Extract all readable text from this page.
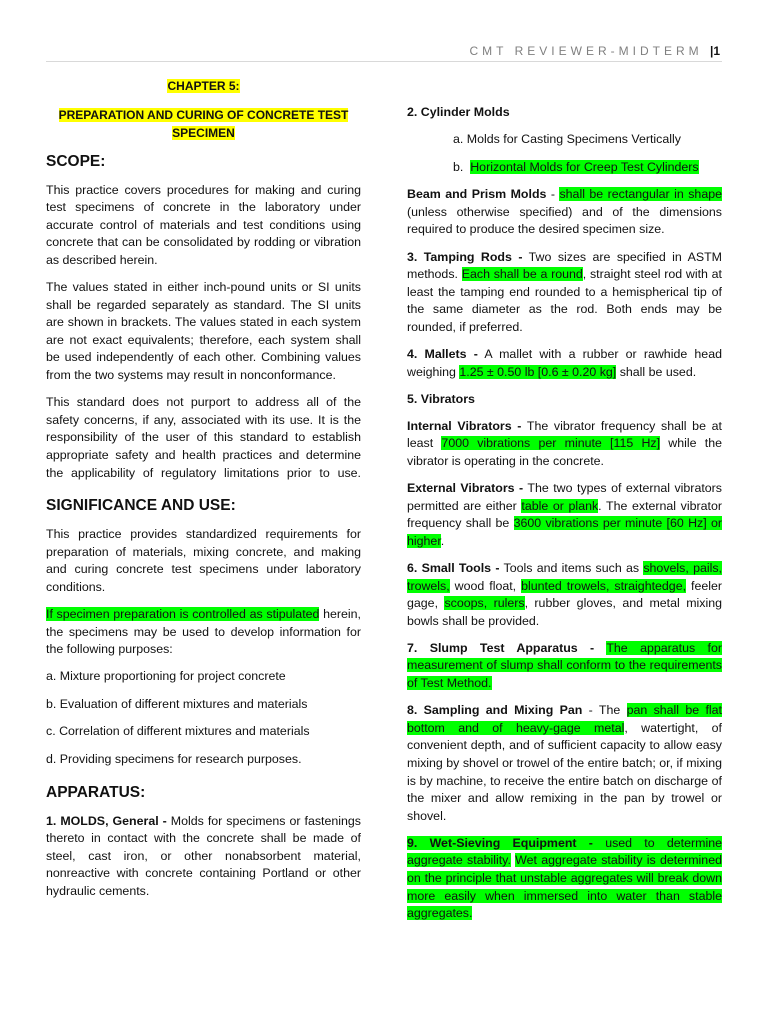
CMT REVIEWER-MIDTERM |1
CHAPTER 5:
PREPARATION AND CURING OF CONCRETE TEST SPECIMEN
SCOPE:

This practice covers procedures for making and curing test specimens of concrete in the laboratory under accurate control of materials and test conditions using concrete that can be consolidated by rodding or vibration as described herein.

The values stated in either inch-pound units or SI units shall be regarded separately as standard. The SI units are shown in brackets. The values stated in each system are not exact equivalents; therefore, each system shall be used independently of each other. Combining values from the two systems may result in nonconformance.

This standard does not purport to address all of the safety concerns, if any, associated with its use. It is the responsibility of the user of this standard to establish appropriate safety and health practices and determine the applicability of regulatory limitations prior to use.

SIGNIFICANCE AND USE:

This practice provides standardized requirements for preparation of materials, mixing concrete, and making and curing concrete test specimens under laboratory conditions.

If specimen preparation is controlled as stipulated herein, the specimens may be used to develop information for the following purposes:

a. Mixture proportioning for project concrete
b. Evaluation of different mixtures and materials
c. Correlation of different mixtures and materials
d. Providing specimens for research purposes.
APPARATUS:

1. MOLDS, General - Molds for specimens or fastenings thereto in contact with the concrete shall be made of steel, cast iron, or other nonabsorbent material, nonreactive with concrete containing Portland or other hydraulic cements.

2. Cylinder Molds

a. Molds for Casting Specimens Vertically
b. Horizontal Molds for Creep Test Cylinders

Beam and Prism Molds - shall be rectangular in shape (unless otherwise specified) and of the dimensions required to produce the desired specimen size.

3. Tamping Rods - Two sizes are specified in ASTM methods. Each shall be a round, straight steel rod with at least the tamping end rounded to a hemispherical tip of the same diameter as the rod. Both ends may be rounded, if preferred.

4. Mallets - A mallet with a rubber or rawhide head weighing 1.25 ± 0.50 lb [0.6 ± 0.20 kg] shall be used.

5. Vibrators

Internal Vibrators - The vibrator frequency shall be at least 7000 vibrations per minute [115 Hz] while the vibrator is operating in the concrete.

External Vibrators - The two types of external vibrators permitted are either table or plank. The external vibrator frequency shall be 3600 vibrations per minute [60 Hz] or higher.

6. Small Tools - Tools and items such as shovels, pails, trowels, wood float, blunted trowels, straightedge, feeler gage, scoops, rulers, rubber gloves, and metal mixing bowls shall be provided.

7. Slump Test Apparatus - The apparatus for measurement of slump shall conform to the requirements of Test Method.

8. Sampling and Mixing Pan - The pan shall be flat bottom and of heavy-gage metal, watertight, of convenient depth, and of sufficient capacity to allow easy mixing by shovel or trowel of the entire batch; or, if mixing is by machine, to receive the entire batch on discharge of the mixer and allow remixing in the pan by trowel or shovel.

9. Wet-Sieving Equipment - used to determine aggregate stability. Wet aggregate stability is determined on the principle that unstable aggregates will break down more easily when immersed into water than stable aggregates.
